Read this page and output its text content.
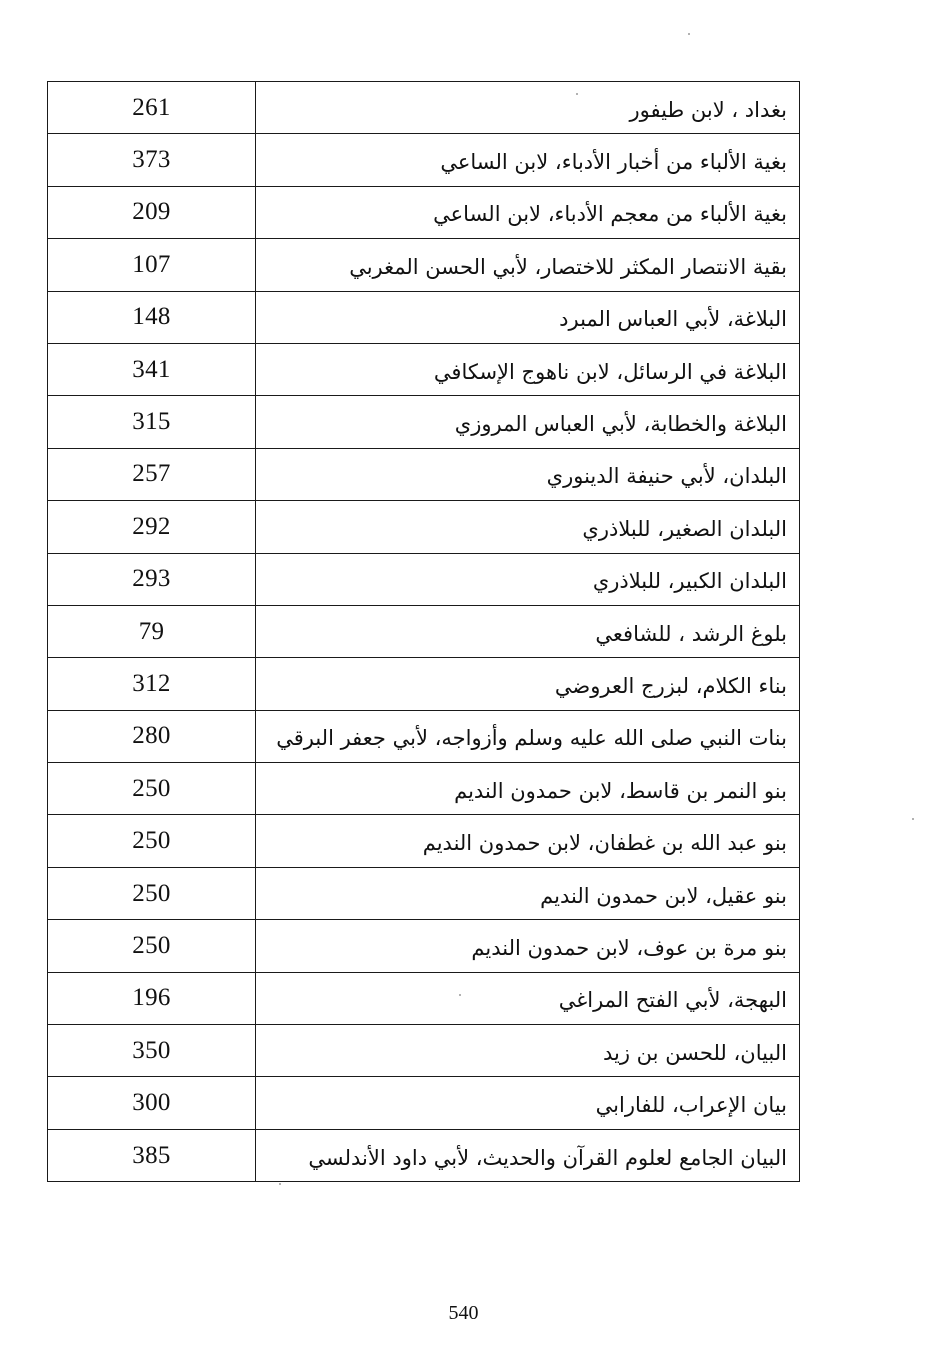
261	بغداد ، لابن طيفور
373	بغية الألباء من أخبار الأدباء، لابن الساعي
209	بغية الألباء من معجم الأدباء، لابن الساعي
107	بقية الانتصار المكثر للاختصار، لأبي الحسن المغربي
148	البلاغة، لأبي العباس المبرد
341	البلاغة في الرسائل، لابن ناهوج الإسكافي
315	البلاغة والخطابة، لأبي العباس المروزي
257	البلدان، لأبي حنيفة الدينوري
292	البلدان الصغير، للبلاذري
293	البلدان الكبير، للبلاذري
79	بلوغ الرشد ، للشافعي
312	بناء الكلام، لبزرج العروضي
280	بنات النبي صلى الله عليه وسلم وأزواجه، لأبي جعفر البرقي
250	بنو النمر بن قاسط، لابن حمدون النديم
250	بنو عبد الله بن غطفان، لابن حمدون النديم
250	بنو عقيل، لابن حمدون النديم
250	بنو مرة بن عوف، لابن حمدون النديم
196	البهجة، لأبي الفتح المراغي
350	البيان، للحسن بن زيد
300	بيان الإعراب، للفارابي
385	البيان الجامع لعلوم القرآن والحديث، لأبي داود الأندلسي
540
